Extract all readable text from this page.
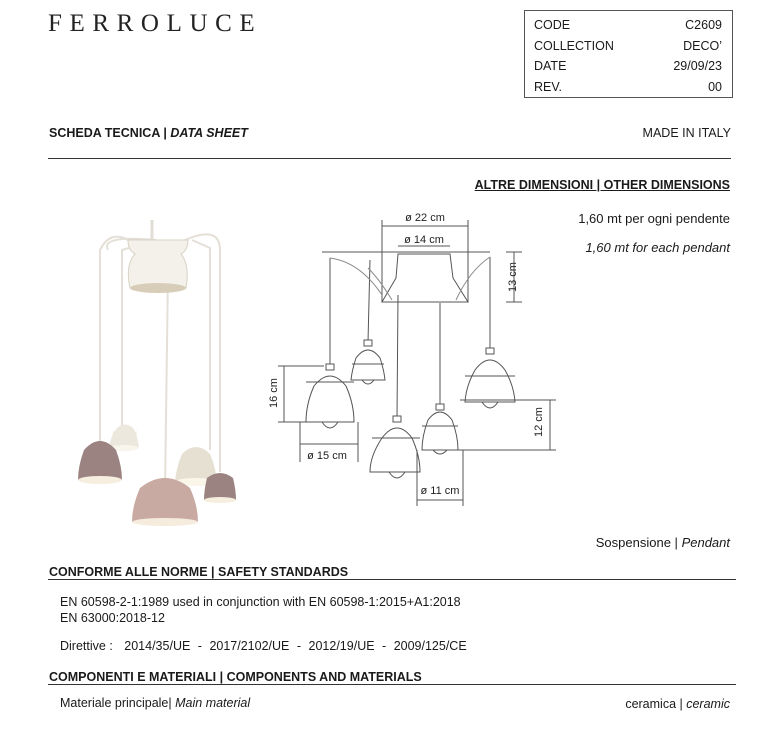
FERROLUCE	CODE	C2609
COLLECTION	DECO’
DATE	29/09/23
REV.	00
SCHEDA TECNICA | DATA SHEET	MADE IN ITALY
ALTRE DIMENSIONI | OTHER DIMENSIONS
1,60 mt per ogni pendente
1,60 mt for each pendant
ø 22 cm
ø 14 cm
13 cm
16 cm
ø 15 cm
12 cm
ø 11 cm
Sospensione | Pendant
CONFORME ALLE NORME | SAFETY STANDARDS
EN 60598-2-1:1989 used in conjunction with EN 60598-1:2015+A1:2018
EN 63000:2018-12
Direttive : 2014/35/UE - 2017/2102/UE - 2012/19/UE - 2009/125/CE
COMPONENTI E MATERIALI | COMPONENTS AND MATERIALS
Materiale principale| Main material	ceramica | ceramic
